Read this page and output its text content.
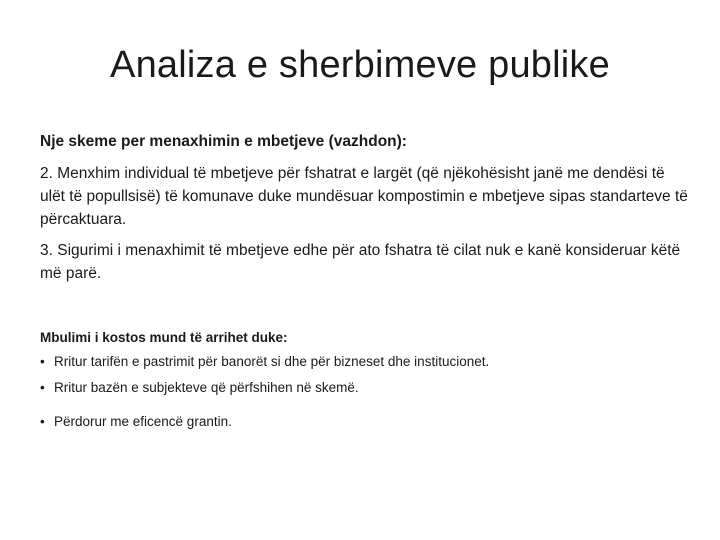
Analiza e sherbimeve publike

Nje skeme per menaxhimin e mbetjeve (vazhdon):

2. Menxhim individual të mbetjeve për fshatrat e largët (që njëkohësisht janë me dendësi të ulët të popullsisë) të komunave duke mundësuar kompostimin e mbetjeve sipas standarteve të përcaktuara.

3. Sigurimi i menaxhimit të mbetjeve edhe për ato fshatra të cilat nuk e kanë konsideruar këtë më parë.

Mbulimi i kostos mund të arrihet duke:

• Rritur tarifën e pastrimit për banorët si dhe për bizneset dhe institucionet.
• Rritur bazën e subjekteve që përfshihen në skemë.
• Përdorur me eficencë grantin.
